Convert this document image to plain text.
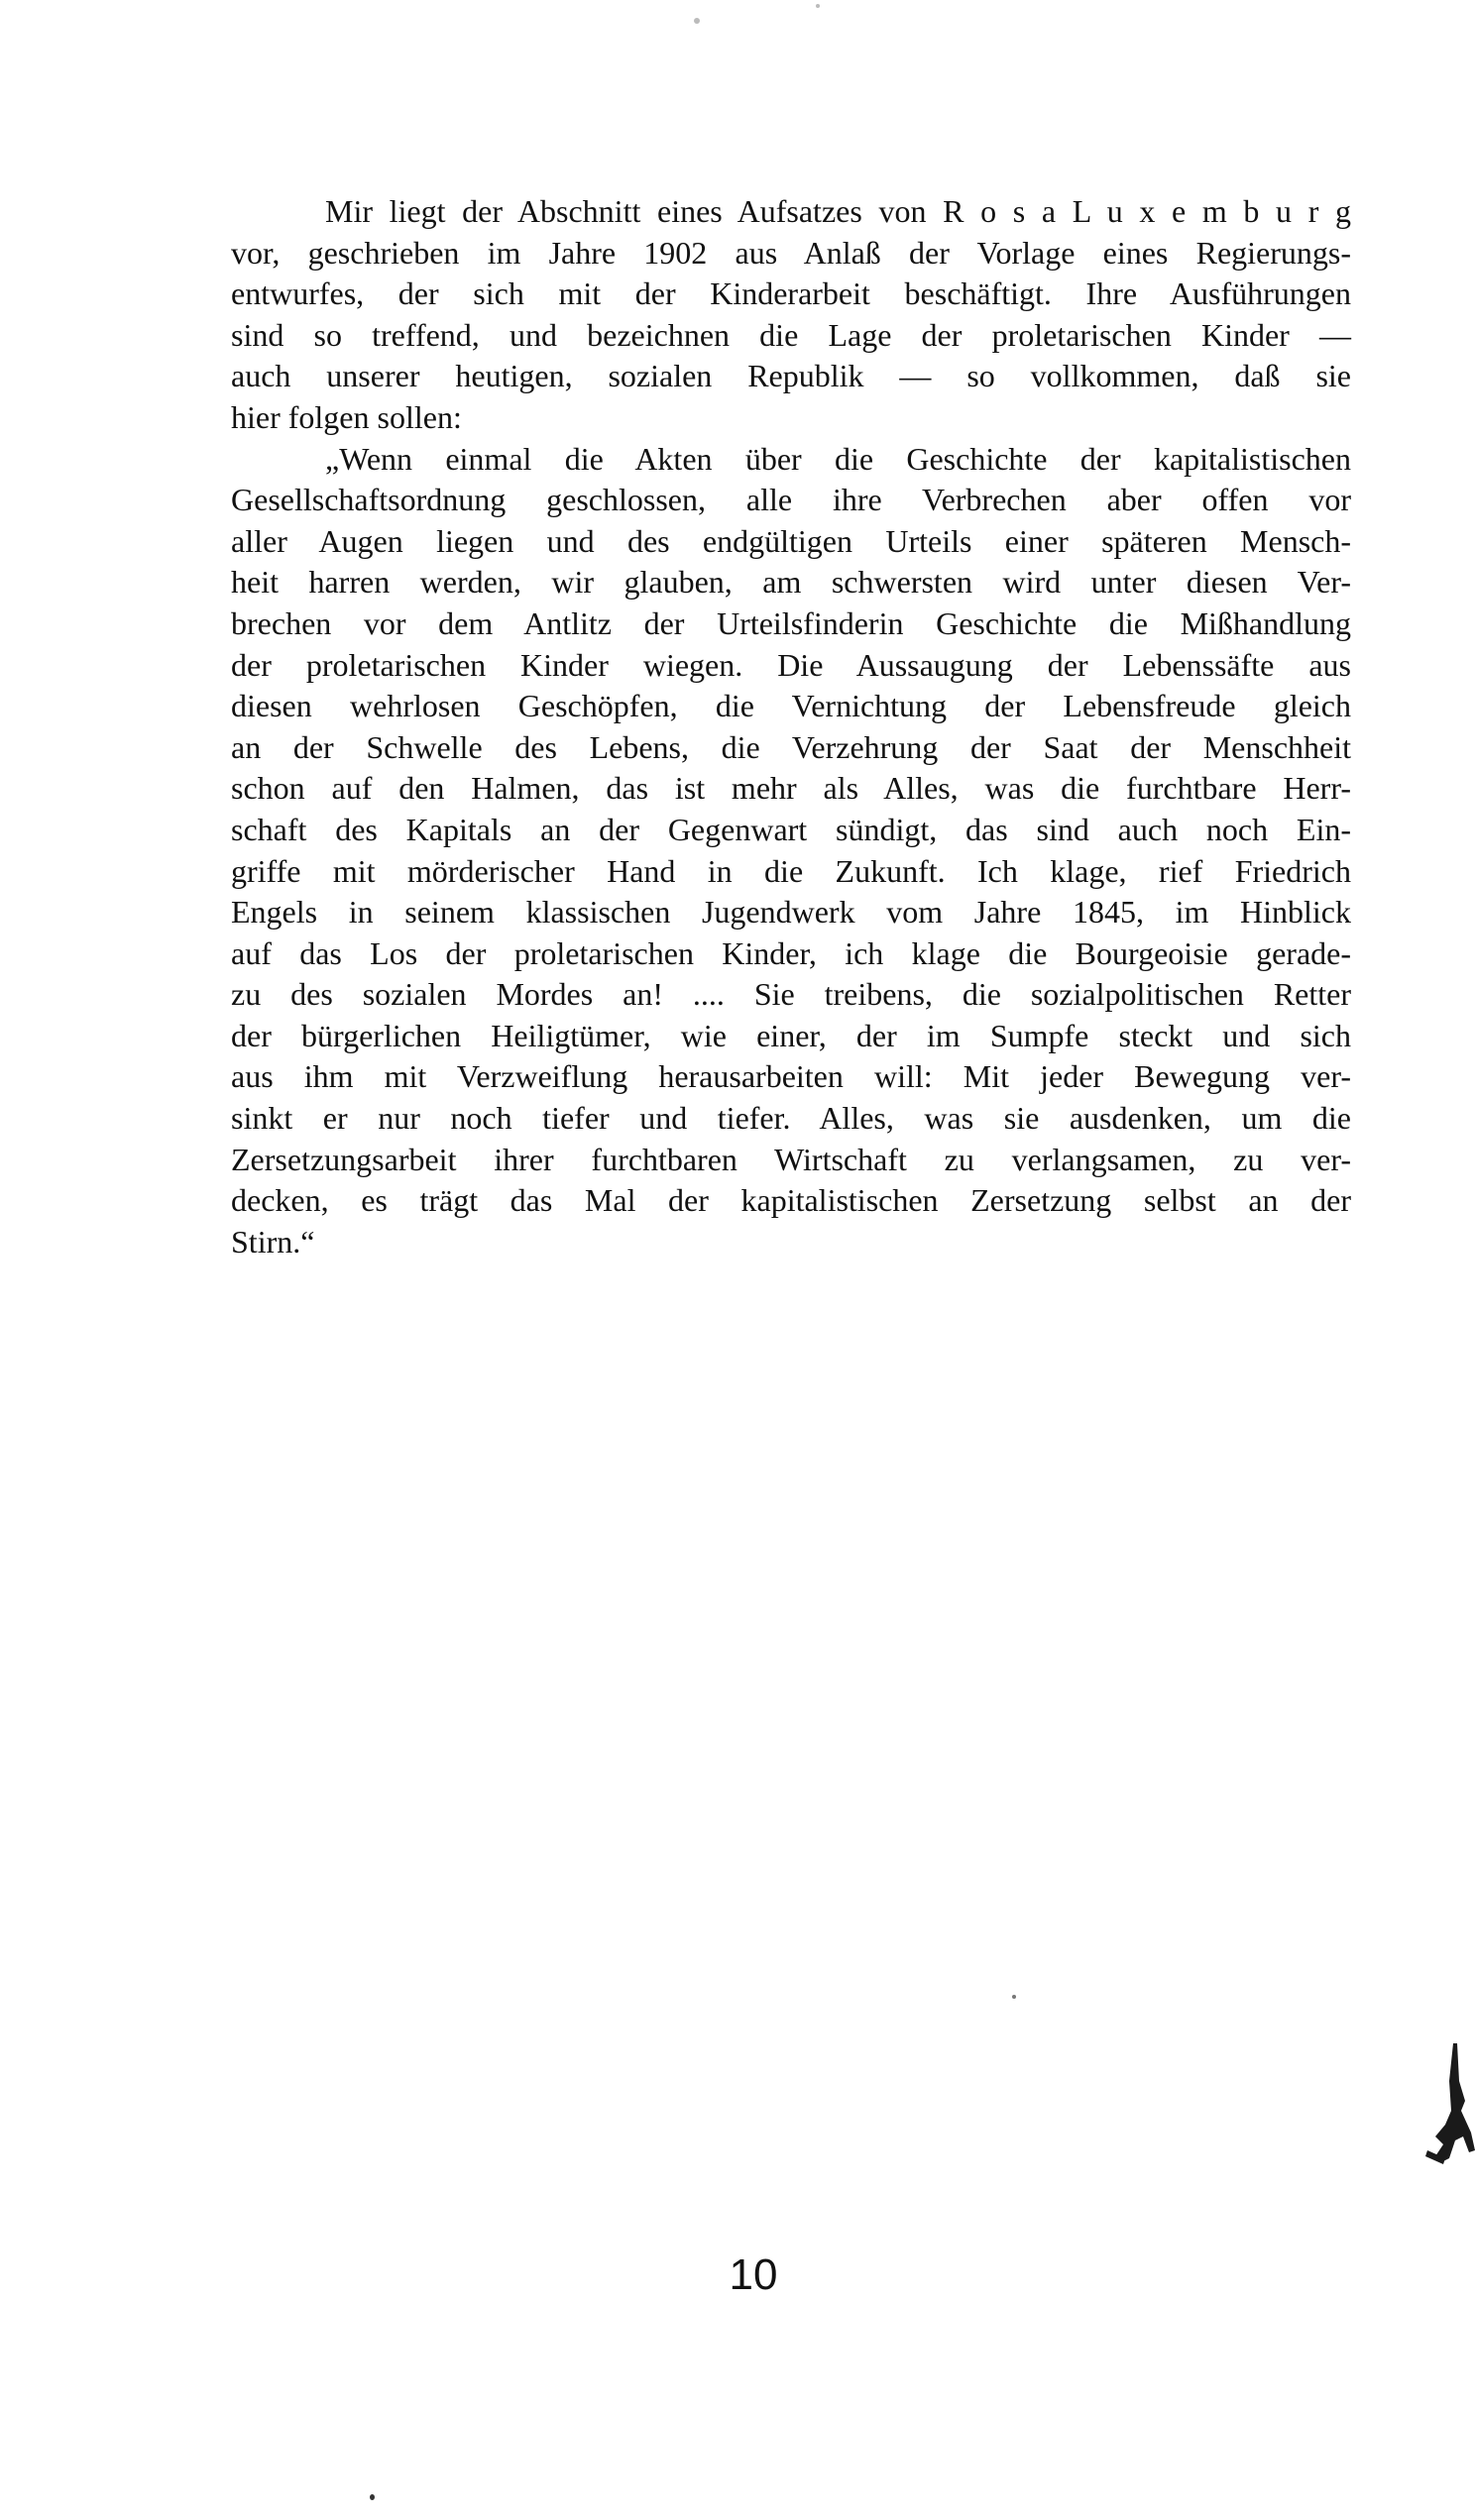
Mir liegt der Abschnitt eines Aufsatzes von R o s a L u x e m b u r g
vor, geschrieben im Jahre 1902 aus Anlaß der Vorlage eines Regierungs-
entwurfes, der sich mit der Kinderarbeit beschäftigt. Ihre Ausführungen
sind so treffend, und bezeichnen die Lage der proletarischen Kinder —
auch unserer heutigen, sozialen Republik — so vollkommen, daß sie
hier folgen sollen:
„Wenn einmal die Akten über die Geschichte der kapitalistischen
Gesellschaftsordnung geschlossen, alle ihre Verbrechen aber offen vor
aller Augen liegen und des endgültigen Urteils einer späteren Mensch-
heit harren werden, wir glauben, am schwersten wird unter diesen Ver-
brechen vor dem Antlitz der Urteilsfinderin Geschichte die Mißhandlung
der proletarischen Kinder wiegen. Die Aussaugung der Lebenssäfte aus
diesen wehrlosen Geschöpfen, die Vernichtung der Lebensfreude gleich
an der Schwelle des Lebens, die Verzehrung der Saat der Menschheit
schon auf den Halmen, das ist mehr als Alles, was die furchtbare Herr-
schaft des Kapitals an der Gegenwart sündigt, das sind auch noch Ein-
griffe mit mörderischer Hand in die Zukunft. Ich klage, rief Friedrich
Engels in seinem klassischen Jugendwerk vom Jahre 1845, im Hinblick
auf das Los der proletarischen Kinder, ich klage die Bourgeoisie gerade-
zu des sozialen Mordes an! .... Sie treibens, die sozialpolitischen Retter
der bürgerlichen Heiligtümer, wie einer, der im Sumpfe steckt und sich
aus ihm mit Verzweiflung herausarbeiten will: Mit jeder Bewegung ver-
sinkt er nur noch tiefer und tiefer. Alles, was sie ausdenken, um die
Zersetzungsarbeit ihrer furchtbaren Wirtschaft zu verlangsamen, zu ver-
decken, es trägt das Mal der kapitalistischen Zersetzung selbst an der
Stirn.“
10
